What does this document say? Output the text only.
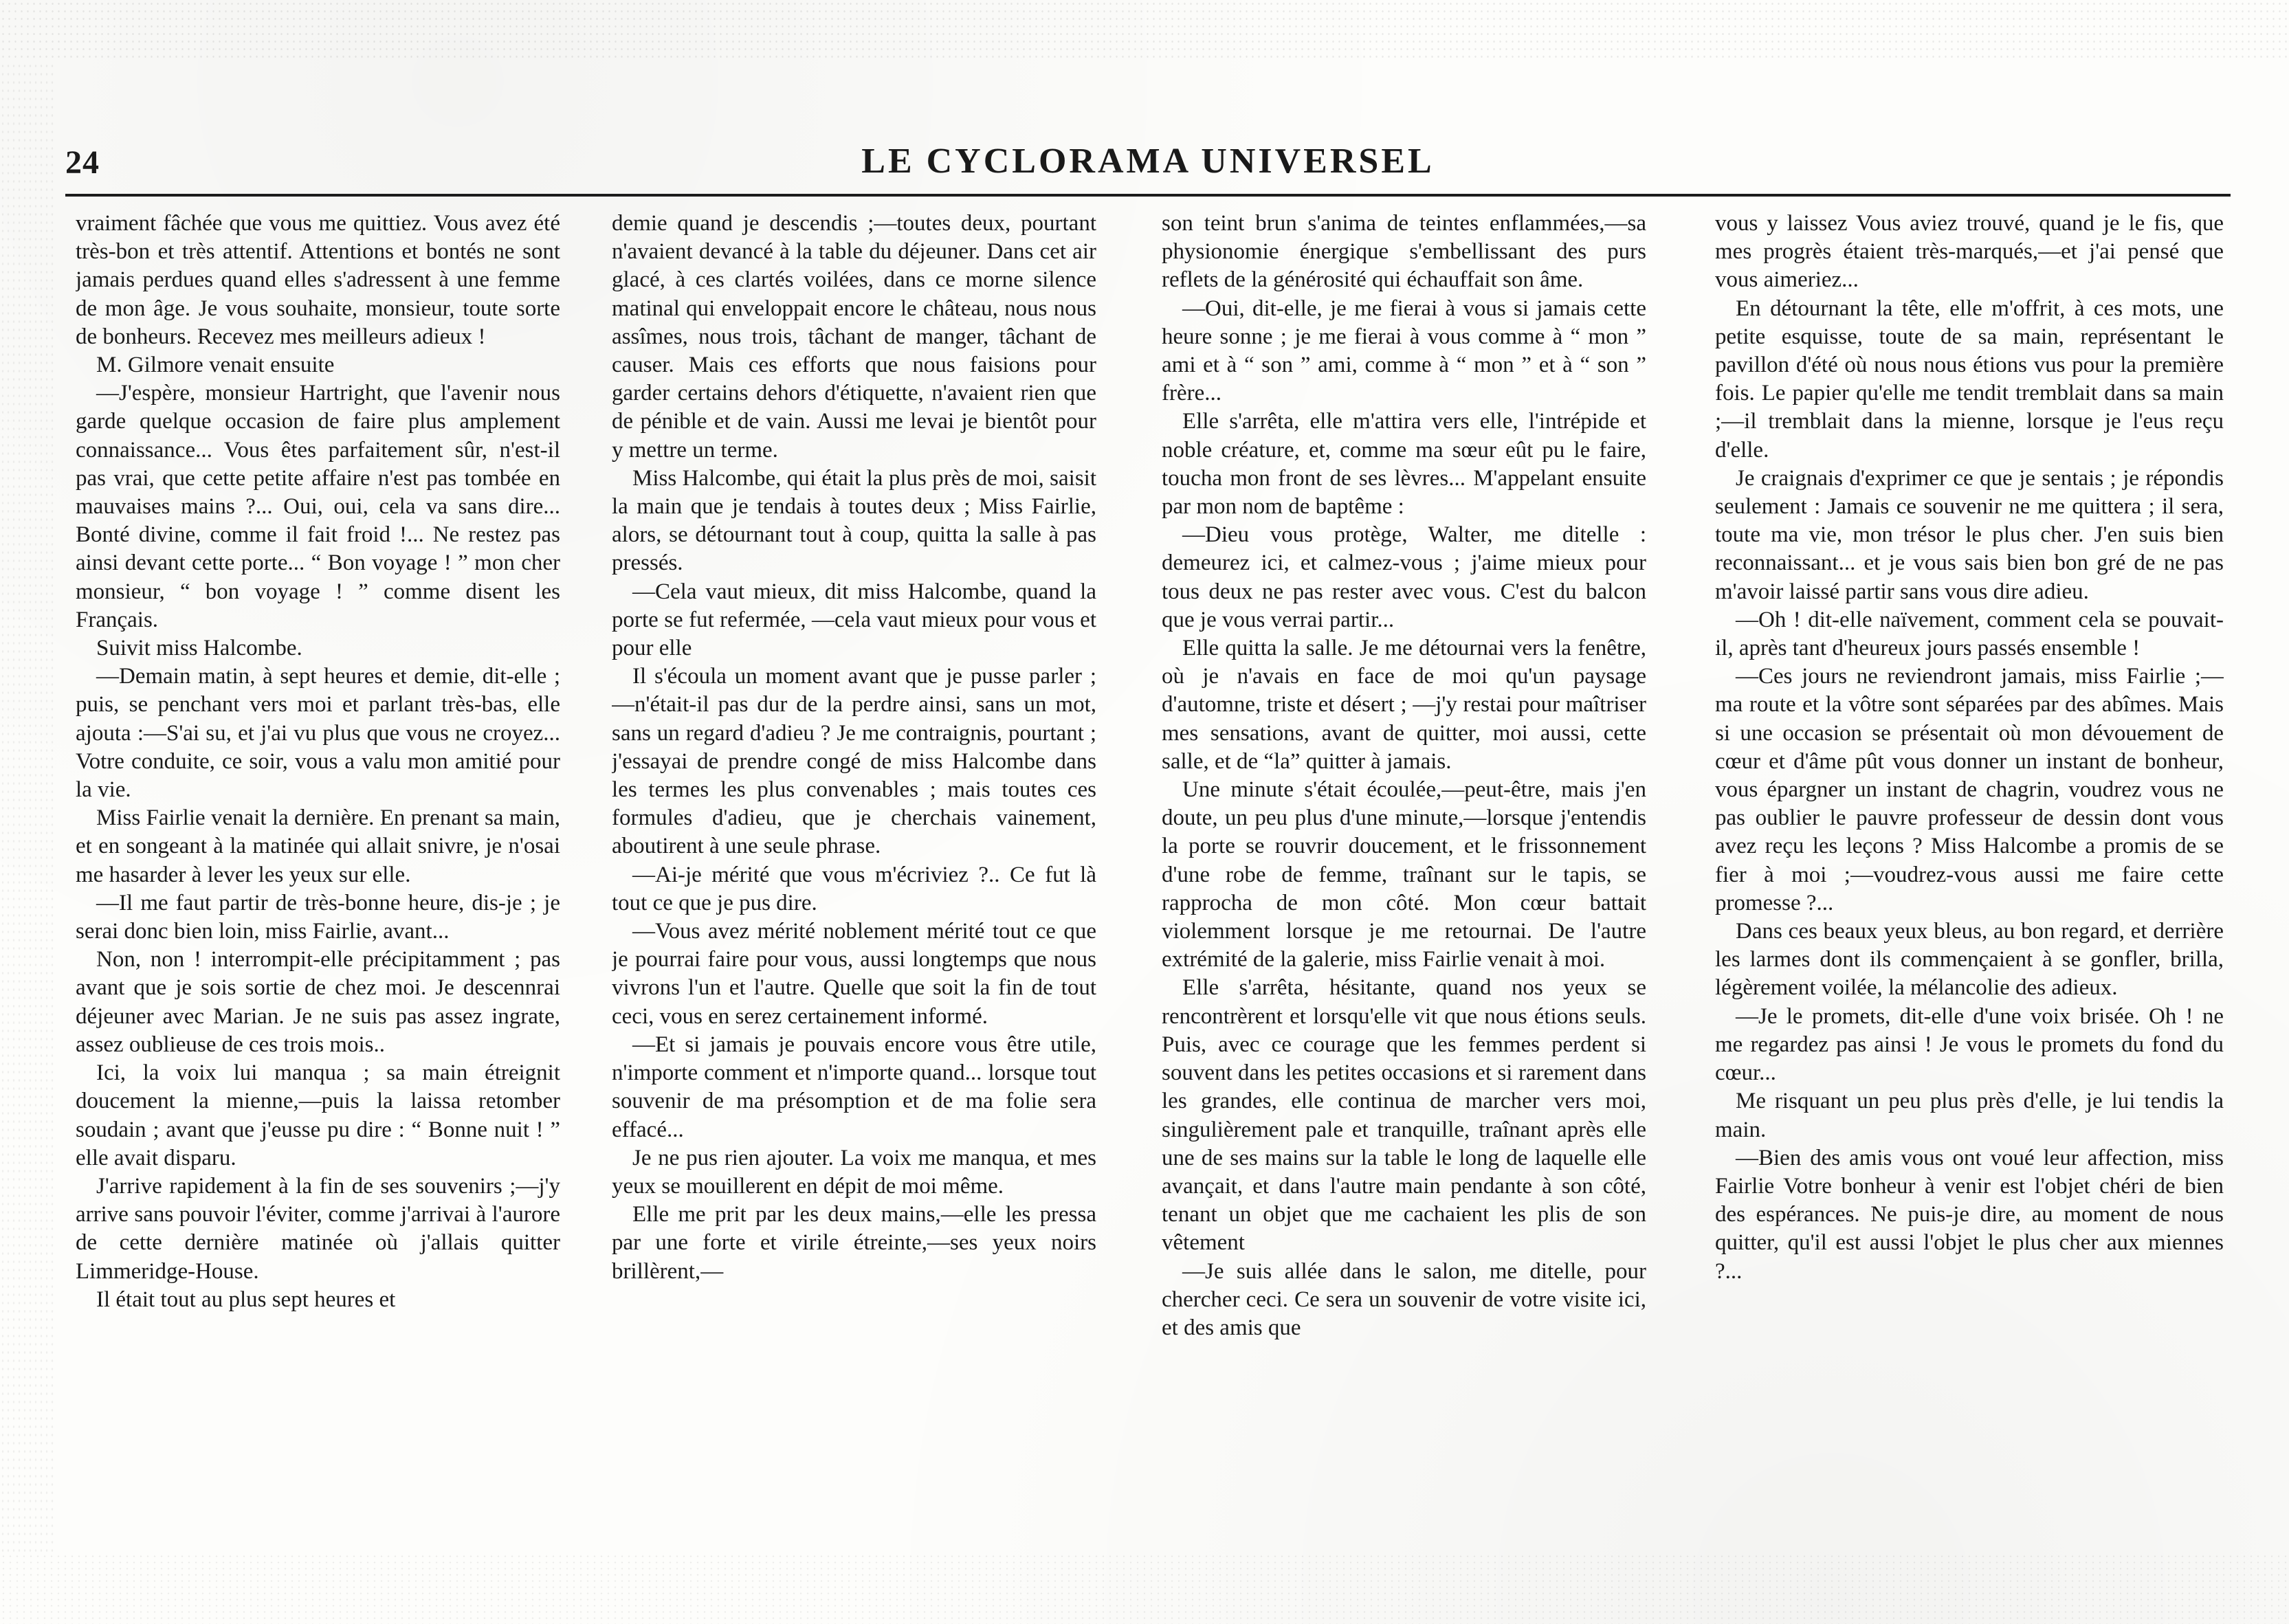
24	LE CYCLORAMA UNIVERSEL

vraiment fâchée que vous me quittiez. Vous avez été très-bon et très attentif. Attentions et bontés ne sont jamais perdues quand elles s'adressent à une femme de mon âge. Je vous souhaite, monsieur, toute sorte de bonheurs. Recevez mes meilleurs adieux !

M. Gilmore venait ensuite

—J'espère, monsieur Hartright, que l'avenir nous garde quelque occasion de faire plus amplement connaissance... Vous êtes parfaitement sûr, n'est-il pas vrai, que cette petite affaire n'est pas tombée en mauvaises mains ?... Oui, oui, cela va sans dire... Bonté divine, comme il fait froid !... Ne restez pas ainsi devant cette porte... “ Bon voyage ! ” mon cher monsieur, “ bon voyage ! ” comme disent les Français.

Suivit miss Halcombe.

—Demain matin, à sept heures et demie, dit-elle ; puis, se penchant vers moi et parlant très-bas, elle ajouta :—S'ai su, et j'ai vu plus que vous ne croyez... Votre conduite, ce soir, vous a valu mon amitié pour la vie.

Miss Fairlie venait la dernière. En prenant sa main, et en songeant à la matinée qui allait snivre, je n'osai me hasarder à lever les yeux sur elle.

—Il me faut partir de très-bonne heure, dis-je ; je serai donc bien loin, miss Fairlie, avant...

Non, non ! interrompit-elle précipitamment ; pas avant que je sois sortie de chez moi. Je descennrai déjeuner avec Marian. Je ne suis pas assez ingrate, assez oublieuse de ces trois mois..

Ici, la voix lui manqua ; sa main étreignit doucement la mienne,—puis la laissa retomber soudain ; avant que j'eusse pu dire : “ Bonne nuit ! ” elle avait disparu.

J'arrive rapidement à la fin de ses souvenirs ;—j'y arrive sans pouvoir l'éviter, comme j'arrivai à l'aurore de cette dernière matinée où j'allais quitter Limmeridge-House.

Il était tout au plus sept heures et

demie quand je descendis ;—toutes deux, pourtant n'avaient devancé à la table du déjeuner. Dans cet air glacé, à ces clartés voilées, dans ce morne silence matinal qui enveloppait encore le château, nous nous assîmes, nous trois, tâchant de manger, tâchant de causer. Mais ces efforts que nous faisions pour garder certains dehors d'étiquette, n'avaient rien que de pénible et de vain. Aussi me levai je bientôt pour y mettre un terme.

Miss Halcombe, qui était la plus près de moi, saisit la main que je tendais à toutes deux ; Miss Fairlie, alors, se détournant tout à coup, quitta la salle à pas pressés.

—Cela vaut mieux, dit miss Halcombe, quand la porte se fut refermée, —cela vaut mieux pour vous et pour elle

Il s'écoula un moment avant que je pusse parler ;—n'était-il pas dur de la perdre ainsi, sans un mot, sans un regard d'adieu ? Je me contraignis, pourtant ; j'essayai de prendre congé de miss Halcombe dans les termes les plus convenables ; mais toutes ces formules d'adieu, que je cherchais vainement, aboutirent à une seule phrase.

—Ai-je mérité que vous m'écriviez ?.. Ce fut là tout ce que je pus dire.

—Vous avez mérité noblement mérité tout ce que je pourrai faire pour vous, aussi longtemps que nous vivrons l'un et l'autre. Quelle que soit la fin de tout ceci, vous en serez certainement informé.

—Et si jamais je pouvais encore vous être utile, n'importe comment et n'importe quand... lorsque tout souvenir de ma présomption et de ma folie sera effacé...

Je ne pus rien ajouter. La voix me manqua, et mes yeux se mouillerent en dépit de moi même.

Elle me prit par les deux mains,—elle les pressa par une forte et virile étreinte,—ses yeux noirs brillèrent,—

son teint brun s'anima de teintes enflammées,—sa physionomie énergique s'embellissant des purs reflets de la générosité qui échauffait son âme.

—Oui, dit-elle, je me fierai à vous si jamais cette heure sonne ; je me fierai à vous comme à “ mon ” ami et à “ son ” ami, comme à “ mon ” et à “ son ” frère...

Elle s'arrêta, elle m'attira vers elle, l'intrépide et noble créature, et, comme ma sœur eût pu le faire, toucha mon front de ses lèvres... M'appelant ensuite par mon nom de baptême :

—Dieu vous protège, Walter, me ditelle : demeurez ici, et calmez-vous ; j'aime mieux pour tous deux ne pas rester avec vous. C'est du balcon que je vous verrai partir...

Elle quitta la salle. Je me détournai vers la fenêtre, où je n'avais en face de moi qu'un paysage d'automne, triste et désert ; —j'y restai pour maîtriser mes sensations, avant de quitter, moi aussi, cette salle, et de “la” quitter à jamais.

Une minute s'était écoulée,—peut-être, mais j'en doute, un peu plus d'une minute,—lorsque j'entendis la porte se rouvrir doucement, et le frissonnement d'une robe de femme, traînant sur le tapis, se rapprocha de mon côté. Mon cœur battait violemment lorsque je me retournai. De l'autre extrémité de la galerie, miss Fairlie venait à moi.

Elle s'arrêta, hésitante, quand nos yeux se rencontrèrent et lorsqu'elle vit que nous étions seuls. Puis, avec ce courage que les femmes perdent si souvent dans les petites occasions et si rarement dans les grandes, elle continua de marcher vers moi, singulièrement pale et tranquille, traînant après elle une de ses mains sur la table le long de laquelle elle avançait, et dans l'autre main pendante à son côté, tenant un objet que me cachaient les plis de son vêtement

—Je suis allée dans le salon, me ditelle, pour chercher ceci. Ce sera un souvenir de votre visite ici, et des amis que

vous y laissez Vous aviez trouvé, quand je le fis, que mes progrès étaient très-marqués,—et j'ai pensé que vous aimeriez...

En détournant la tête, elle m'offrit, à ces mots, une petite esquisse, toute de sa main, représentant le pavillon d'été où nous nous étions vus pour la première fois. Le papier qu'elle me tendit tremblait dans sa main ;—il tremblait dans la mienne, lorsque je l'eus reçu d'elle.

Je craignais d'exprimer ce que je sentais ; je répondis seulement : Jamais ce souvenir ne me quittera ; il sera, toute ma vie, mon trésor le plus cher. J'en suis bien reconnaissant... et je vous sais bien bon gré de ne pas m'avoir laissé partir sans vous dire adieu.

—Oh ! dit-elle naïvement, comment cela se pouvait-il, après tant d'heureux jours passés ensemble !

—Ces jours ne reviendront jamais, miss Fairlie ;—ma route et la vôtre sont séparées par des abîmes. Mais si une occasion se présentait où mon dévouement de cœur et d'âme pût vous donner un instant de bonheur, vous épargner un instant de chagrin, voudrez vous ne pas oublier le pauvre professeur de dessin dont vous avez reçu les leçons ? Miss Halcombe a promis de se fier à moi ;—voudrez-vous aussi me faire cette promesse ?...

Dans ces beaux yeux bleus, au bon regard, et derrière les larmes dont ils commençaient à se gonfler, brilla, légèrement voilée, la mélancolie des adieux.

—Je le promets, dit-elle d'une voix brisée. Oh ! ne me regardez pas ainsi ! Je vous le promets du fond du cœur...

Me risquant un peu plus près d'elle, je lui tendis la main.

—Bien des amis vous ont voué leur affection, miss Fairlie Votre bonheur à venir est l'objet chéri de bien des espérances. Ne puis-je dire, au moment de nous quitter, qu'il est aussi l'objet le plus cher aux miennes ?...
